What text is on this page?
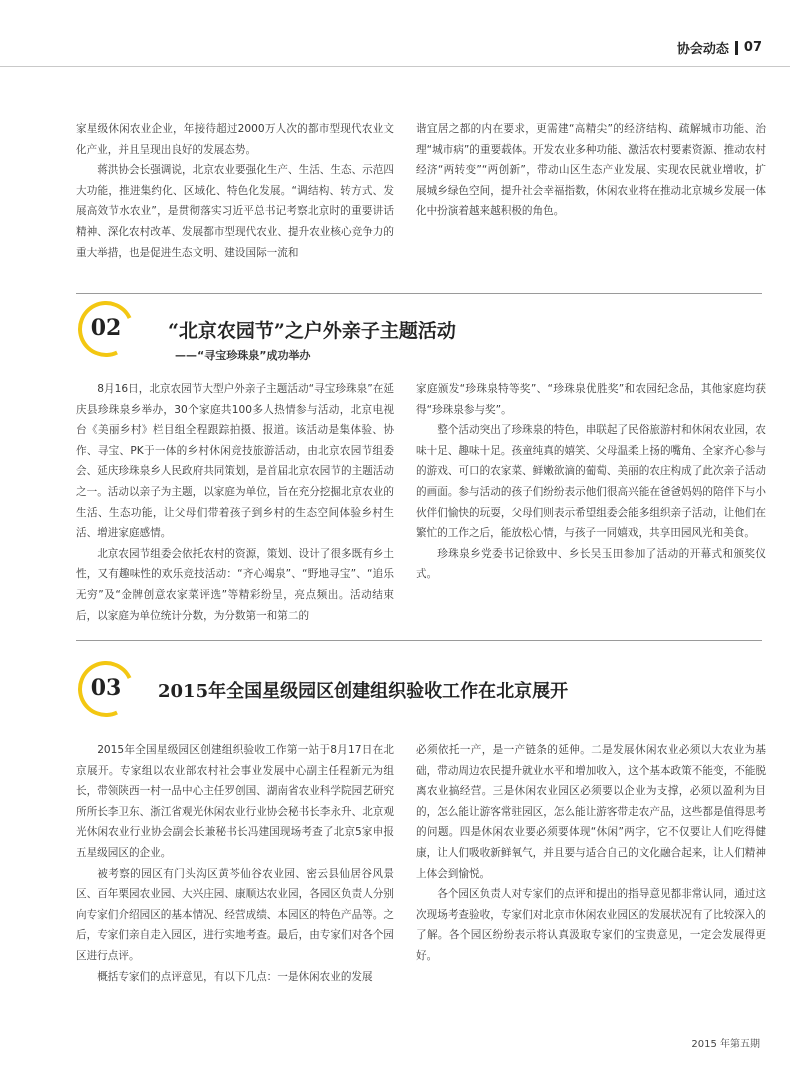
协会动态 07

家星级休闲农业企业，年接待超过2000万人次的都市型现代农业文化产业，并且呈现出良好的发展态势。

蒋洪协会长强调说，北京农业要强化生产、生活、生态、示范四大功能，推进集约化、区域化、特色化发展。“调结构、转方式、发展高效节水农业”，是贯彻落实习近平总书记考察北京时的重要讲话精神、深化农村改革、发展都市型现代农业、提升农业核心竞争力的重大举措，也是促进生态文明、建设国际一流和

谐宜居之都的内在要求，更需建“高精尖”的经济结构、疏解城市功能、治理“城市病”的重要载体。开发农业多种功能、激活农村要素资源、推动农村经济“两转变”“两创新”，带动山区生态产业发展、实现农民就业增收，扩展城乡绿色空间，提升社会幸福指数，休闲农业将在推动北京城乡发展一体化中扮演着越来越积极的角色。

02	“北京农园节”之户外亲子主题活动
——“寻宝珍珠泉”成功举办

8月16日，北京农园节大型户外亲子主题活动“寻宝珍珠泉”在延庆县珍珠泉乡举办，30个家庭共100多人热情参与活动，北京电视台《美丽乡村》栏目组全程跟踪拍摄、报道。该活动是集体验、协作、寻宝、PK于一体的乡村休闲竞技旅游活动，由北京农园节组委会、延庆珍珠泉乡人民政府共同策划，是首届北京农园节的主题活动之一。活动以亲子为主题，以家庭为单位，旨在充分挖掘北京农业的生活、生态功能，让父母们带着孩子到乡村的生态空间体验乡村生活、增进家庭感情。

北京农园节组委会依托农村的资源，策划、设计了很多既有乡土性，又有趣味性的欢乐竞技活动：“齐心竭泉”、“野地寻宝”、“追乐无穷”及“金牌创意农家菜评选”等精彩纷呈，亮点频出。活动结束后，以家庭为单位统计分数，为分数第一和第二的

家庭颁发“珍珠泉特等奖”、“珍珠泉优胜奖”和农园纪念品，其他家庭均获得“珍珠泉参与奖”。

整个活动突出了珍珠泉的特色，串联起了民俗旅游村和休闲农业园，农味十足、趣味十足。孩童纯真的嬉笑、父母温柔上扬的嘴角、全家齐心参与的游戏、可口的农家菜、鲜嫩欲滴的葡萄、美丽的农庄构成了此次亲子活动的画面。参与活动的孩子们纷纷表示他们很高兴能在爸爸妈妈的陪伴下与小伙伴们愉快的玩耍，父母们则表示希望组委会能多组织亲子活动，让他们在繁忙的工作之后，能放松心情，与孩子一同嬉戏，共享田园风光和美食。

珍珠泉乡党委书记徐致中、乡长吴玉田参加了活动的开幕式和颁奖仪式。

03	2015年全国星级园区创建组织验收工作在北京展开

2015年全国星级园区创建组织验收工作第一站于8月17日在北京展开。专家组以农业部农村社会事业发展中心副主任程新元为组长，带领陕西一村一品中心主任罗创国、湖南省农业科学院园艺研究所所长李卫东、浙江省观光休闲农业行业协会秘书长李永升、北京观光休闲农业行业协会副会长兼秘书长冯建国现场考查了北京5家申报五星级园区的企业。

被考察的园区有门头沟区黄芩仙谷农业园、密云县仙居谷风景区、百年栗园农业园、大兴庄园、康顺达农业园，各园区负责人分别向专家们介绍园区的基本情况、经营成绩、本园区的特色产品等。之后，专家们亲自走入园区，进行实地考查。最后，由专家们对各个园区进行点评。

概括专家们的点评意见，有以下几点：一是休闲农业的发展

必须依托一产，是一产链条的延伸。二是发展休闲农业必须以大农业为基础，带动周边农民提升就业水平和增加收入，这个基本政策不能变，不能脱离农业搞经营。三是休闲农业园区必须要以企业为支撑，必须以盈利为目的，怎么能让游客常驻园区，怎么能让游客带走农产品，这些都是值得思考的问题。四是休闲农业要必须要体现“休闲”两字，它不仅要让人们吃得健康，让人们吸收新鲜氧气，并且要与适合自己的文化融合起来，让人们精神上体会到愉悦。

各个园区负责人对专家们的点评和提出的指导意见都非常认同，通过这次现场考查验收，专家们对北京市休闲农业园区的发展状况有了比较深入的了解。各个园区纷纷表示将认真汲取专家们的宝贵意见，一定会发展得更好。

2015 年第五期
